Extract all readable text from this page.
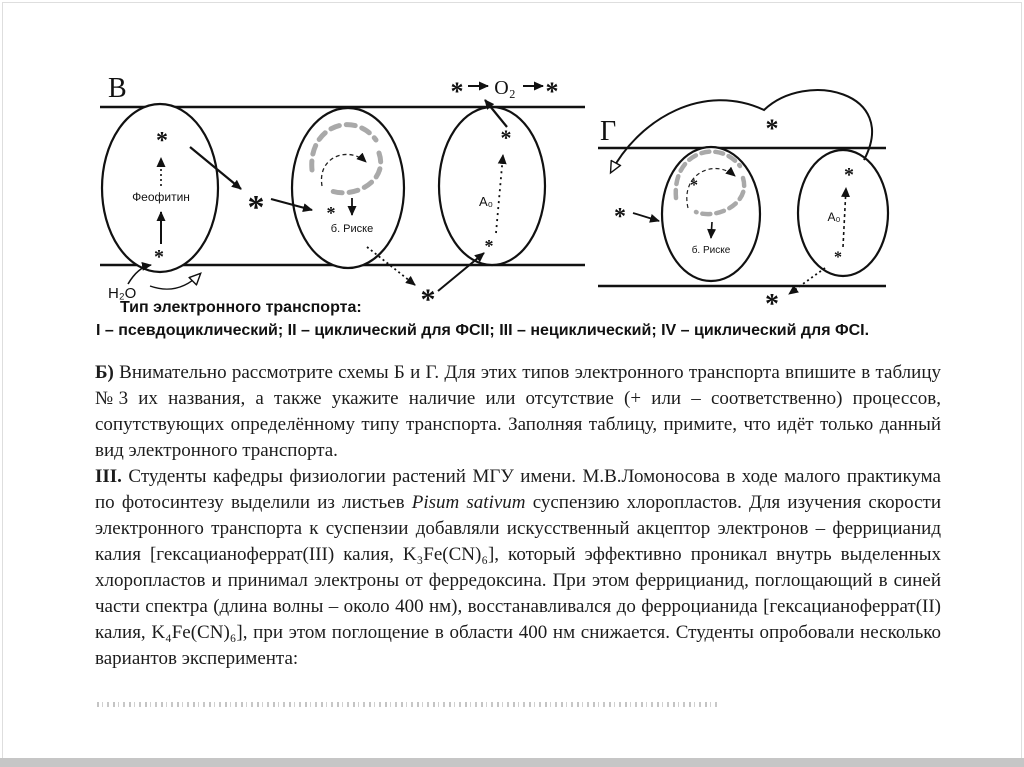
В	* O₂ *
*
Феофитин
*
*	*
б. Риске
*
*
A₀
*
H₂O
Г	*
*
*
б. Риске
*
A₀
*
*
Тип электронного транспорта:
I – псевдоциклический; II – циклический для ФСII; III – нециклический; IV – циклический для ФСI.

Б) Внимательно рассмотрите схемы Б и Г. Для этих типов электронного транспорта впишите в таблицу №3 их названия, а также укажите наличие или отсутствие (+ или – соответственно) процессов, сопутствующих определённому типу транспорта. Заполняя таблицу, примите, что идёт только данный вид электронного транспорта.

III. Студенты кафедры физиологии растений МГУ имени. М.В.Ломоносова в ходе малого практикума по фотосинтезу выделили из листьев Pisum sativum суспензию хлоропластов. Для изучения скорости электронного транспорта к суспензии добавляли искусственный акцептор электронов – феррицианид калия [гексацианоферрат(III) калия, K₃Fe(CN)₆], который эффективно проникал внутрь выделенных хлоропластов и принимал электроны от ферредоксина. При этом феррицианид, поглощающий в синей части спектра (длина волны – около 400 нм), восстанавливался до ферроцианида [гексацианоферрат(II) калия, K₄Fe(CN)₆], при этом поглощение в области 400 нм снижается. Студенты опробовали несколько вариантов эксперимента:
